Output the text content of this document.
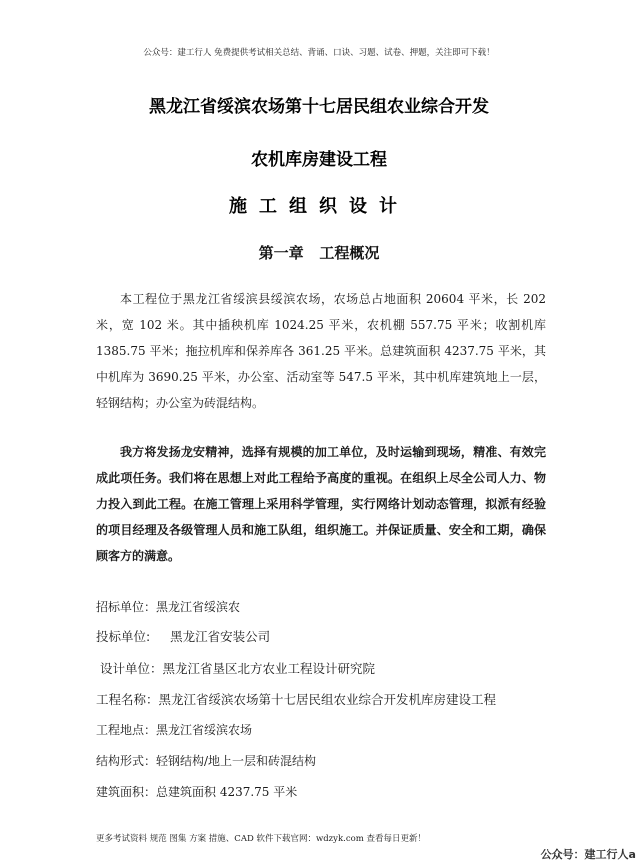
公众号：建工行人 免费提供考试相关总结、背诵、口诀、习题、试卷、押题，关注即可下载！
黑龙江省绥滨农场第十七居民组农业综合开发
农机库房建设工程
施工组织设计
第一章   工程概况
本工程位于黑龙江省绥滨县绥滨农场，农场总占地面积 20604 平米，长 202 米，宽 102 米。其中插秧机库 1024.25 平米，农机棚 557.75 平米；收割机库 1385.75 平米；拖拉机库和保养库各 361.25 平米。总建筑面积 4237.75 平米，其中机库为 3690.25 平米，办公室、活动室等 547.5 平米，其中机库建筑地上一层，轻钢结构；办公室为砖混结构。
我方将发扬龙安精神，选择有规模的加工单位，及时运输到现场，精准、有效完成此项任务。我们将在思想上对此工程给予高度的重视。在组织上尽全公司人力、物力投入到此工程。在施工管理上采用科学管理，实行网络计划动态管理，拟派有经验的项目经理及各级管理人员和施工队组，组织施工。并保证质量、安全和工期，确保顾客方的满意。
招标单位：黑龙江省绥滨农
投标单位:     黑龙江省安装公司
设计单位：黑龙江省垦区北方农业工程设计研究院
工程名称：黑龙江省绥滨农场第十七居民组农业综合开发机库房建设工程
工程地点：黑龙江省绥滨农场
结构形式：轻钢结构/地上一层和砖混结构
建筑面积：总建筑面积 4237.75 平米
更多考试资料 规范 图集 方案 措施、CAD 软件下载官网：wdzyk.com 查看每日更新！
公众号：建工行人a
